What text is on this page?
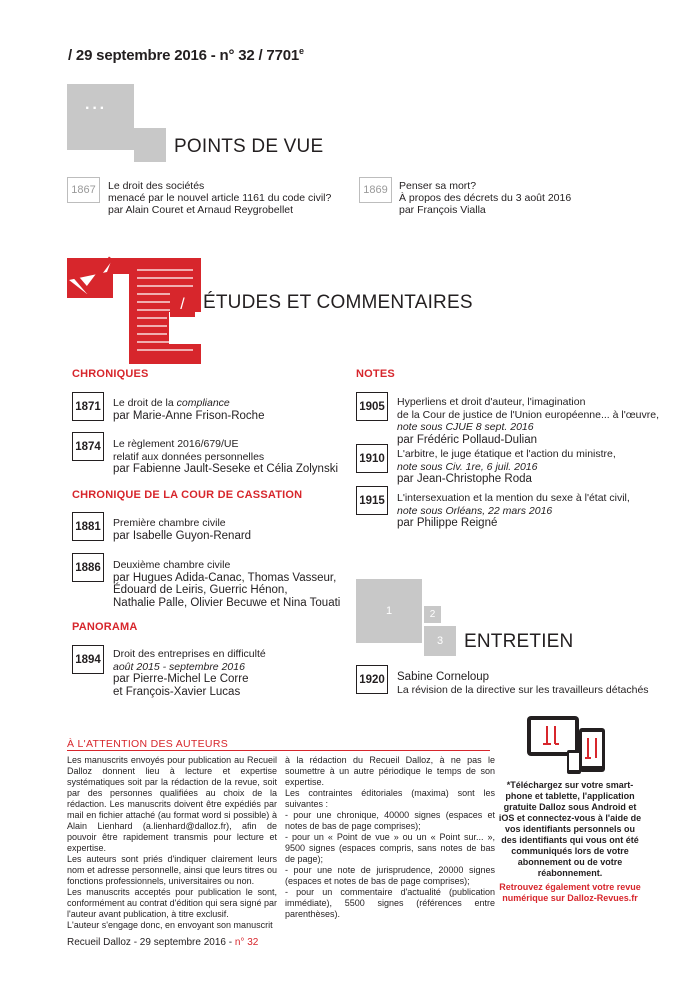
/ 29 septembre 2016 - n° $32 / 7701^e$
···
POINTS DE VUE
1867	Le droit des sociétés
menacé par le nouvel article 1161 du code civil?
par Alain Couret et Arnaud Reygrobellet
1869	Penser sa mort?
À propos des décrets du 3 août 2016
par François Vialla
/ ÉTUDES ET COMMENTAIRES
CHRONIQUES
1871	Le droit de la compliance
par Marie-Anne Frison-Roche
1874	Le règlement 2016/679/UE
relatif aux données personnelles
par Fabienne Jault-Seseke et Célia Zolynski
CHRONIQUE DE LA COUR DE CASSATION
1881	Première chambre civile
par Isabelle Guyon-Renard
1886	Deuxième chambre civile
par Hugues Adida-Canac, Thomas Vasseur,
Édouard de Leiris, Guerric Hénon,
Nathalie Palle, Olivier Becuwe et Nina Touati
PANORAMA
1894	Droit des entreprises en difficulté
août 2015 - septembre 2016
par Pierre-Michel Le Corre
et François-Xavier Lucas
NOTES
1905	Hyperliens et droit d'auteur, l'imagination
de la Cour de justice de l'Union européenne... à l'œuvre,
note sous CJUE 8 sept. 2016
par Frédéric Pollaud-Dulian
1910	L'arbitre, le juge étatique et l'action du ministre,
note sous Civ. 1re, 6 juil. 2016
par Jean-Christophe Roda
1915	L'intersexuation et la mention du sexe à l'état civil,
note sous Orléans, 22 mars 2016
par Philippe Reigné
1	2
3	ENTRETIEN
1920 Sabine Corneloup
La révision de la directive sur les travailleurs détachés
À L'ATTENTION DES AUTEURS
Les manuscrits envoyés pour publication au Recueil Dalloz donnent lieu à lecture et expertise systématiques soit par la rédaction de la revue, soit par des personnes qualifiées au choix de la rédaction. Les manuscrits doivent être expédiés par mail en fichier attaché (au format word si possible) à Alain Lienhard (a.lienhard@dalloz.fr), afin de pouvoir être rapidement transmis pour lecture et expertise.
Les auteurs sont priés d'indiquer clairement leurs nom et adresse personnelle, ainsi que leurs titres ou fonctions professionnels, universitaires ou non.
Les manuscrits acceptés pour publication le sont, conformément au contrat d'édition qui sera signé par l'auteur avant publication, à titre exclusif.
L'auteur s'engage donc, en envoyant son manuscrit
à la rédaction du Recueil Dalloz, à ne pas le soumettre à un autre périodique le temps de son expertise.
Les contraintes éditoriales (maxima) sont les suivantes :
- pour une chronique, 40000 signes (espaces et notes de bas de page comprises);
- pour un « Point de vue » ou un « Point sur... », 9500 signes (espaces compris, sans notes de bas de page);
- pour une note de jurisprudence, 20000 signes (espaces et notes de bas de page comprises);
- pour un commentaire d'actualité (publication immédiate), 5500 signes (références entre parenthèses).
*Téléchargez sur votre smart-phone et tablette, l'application gratuite Dalloz sous Android et iOS et connectez-vous à l'aide de vos identifiants personnels ou des identifiants qui vous ont été communiqués lors de votre abonnement ou de votre réabonnement.
Retrouvez également votre revue numérique sur Dalloz-Revues.fr
Recueil Dalloz - 29 septembre 2016 - n° 32
